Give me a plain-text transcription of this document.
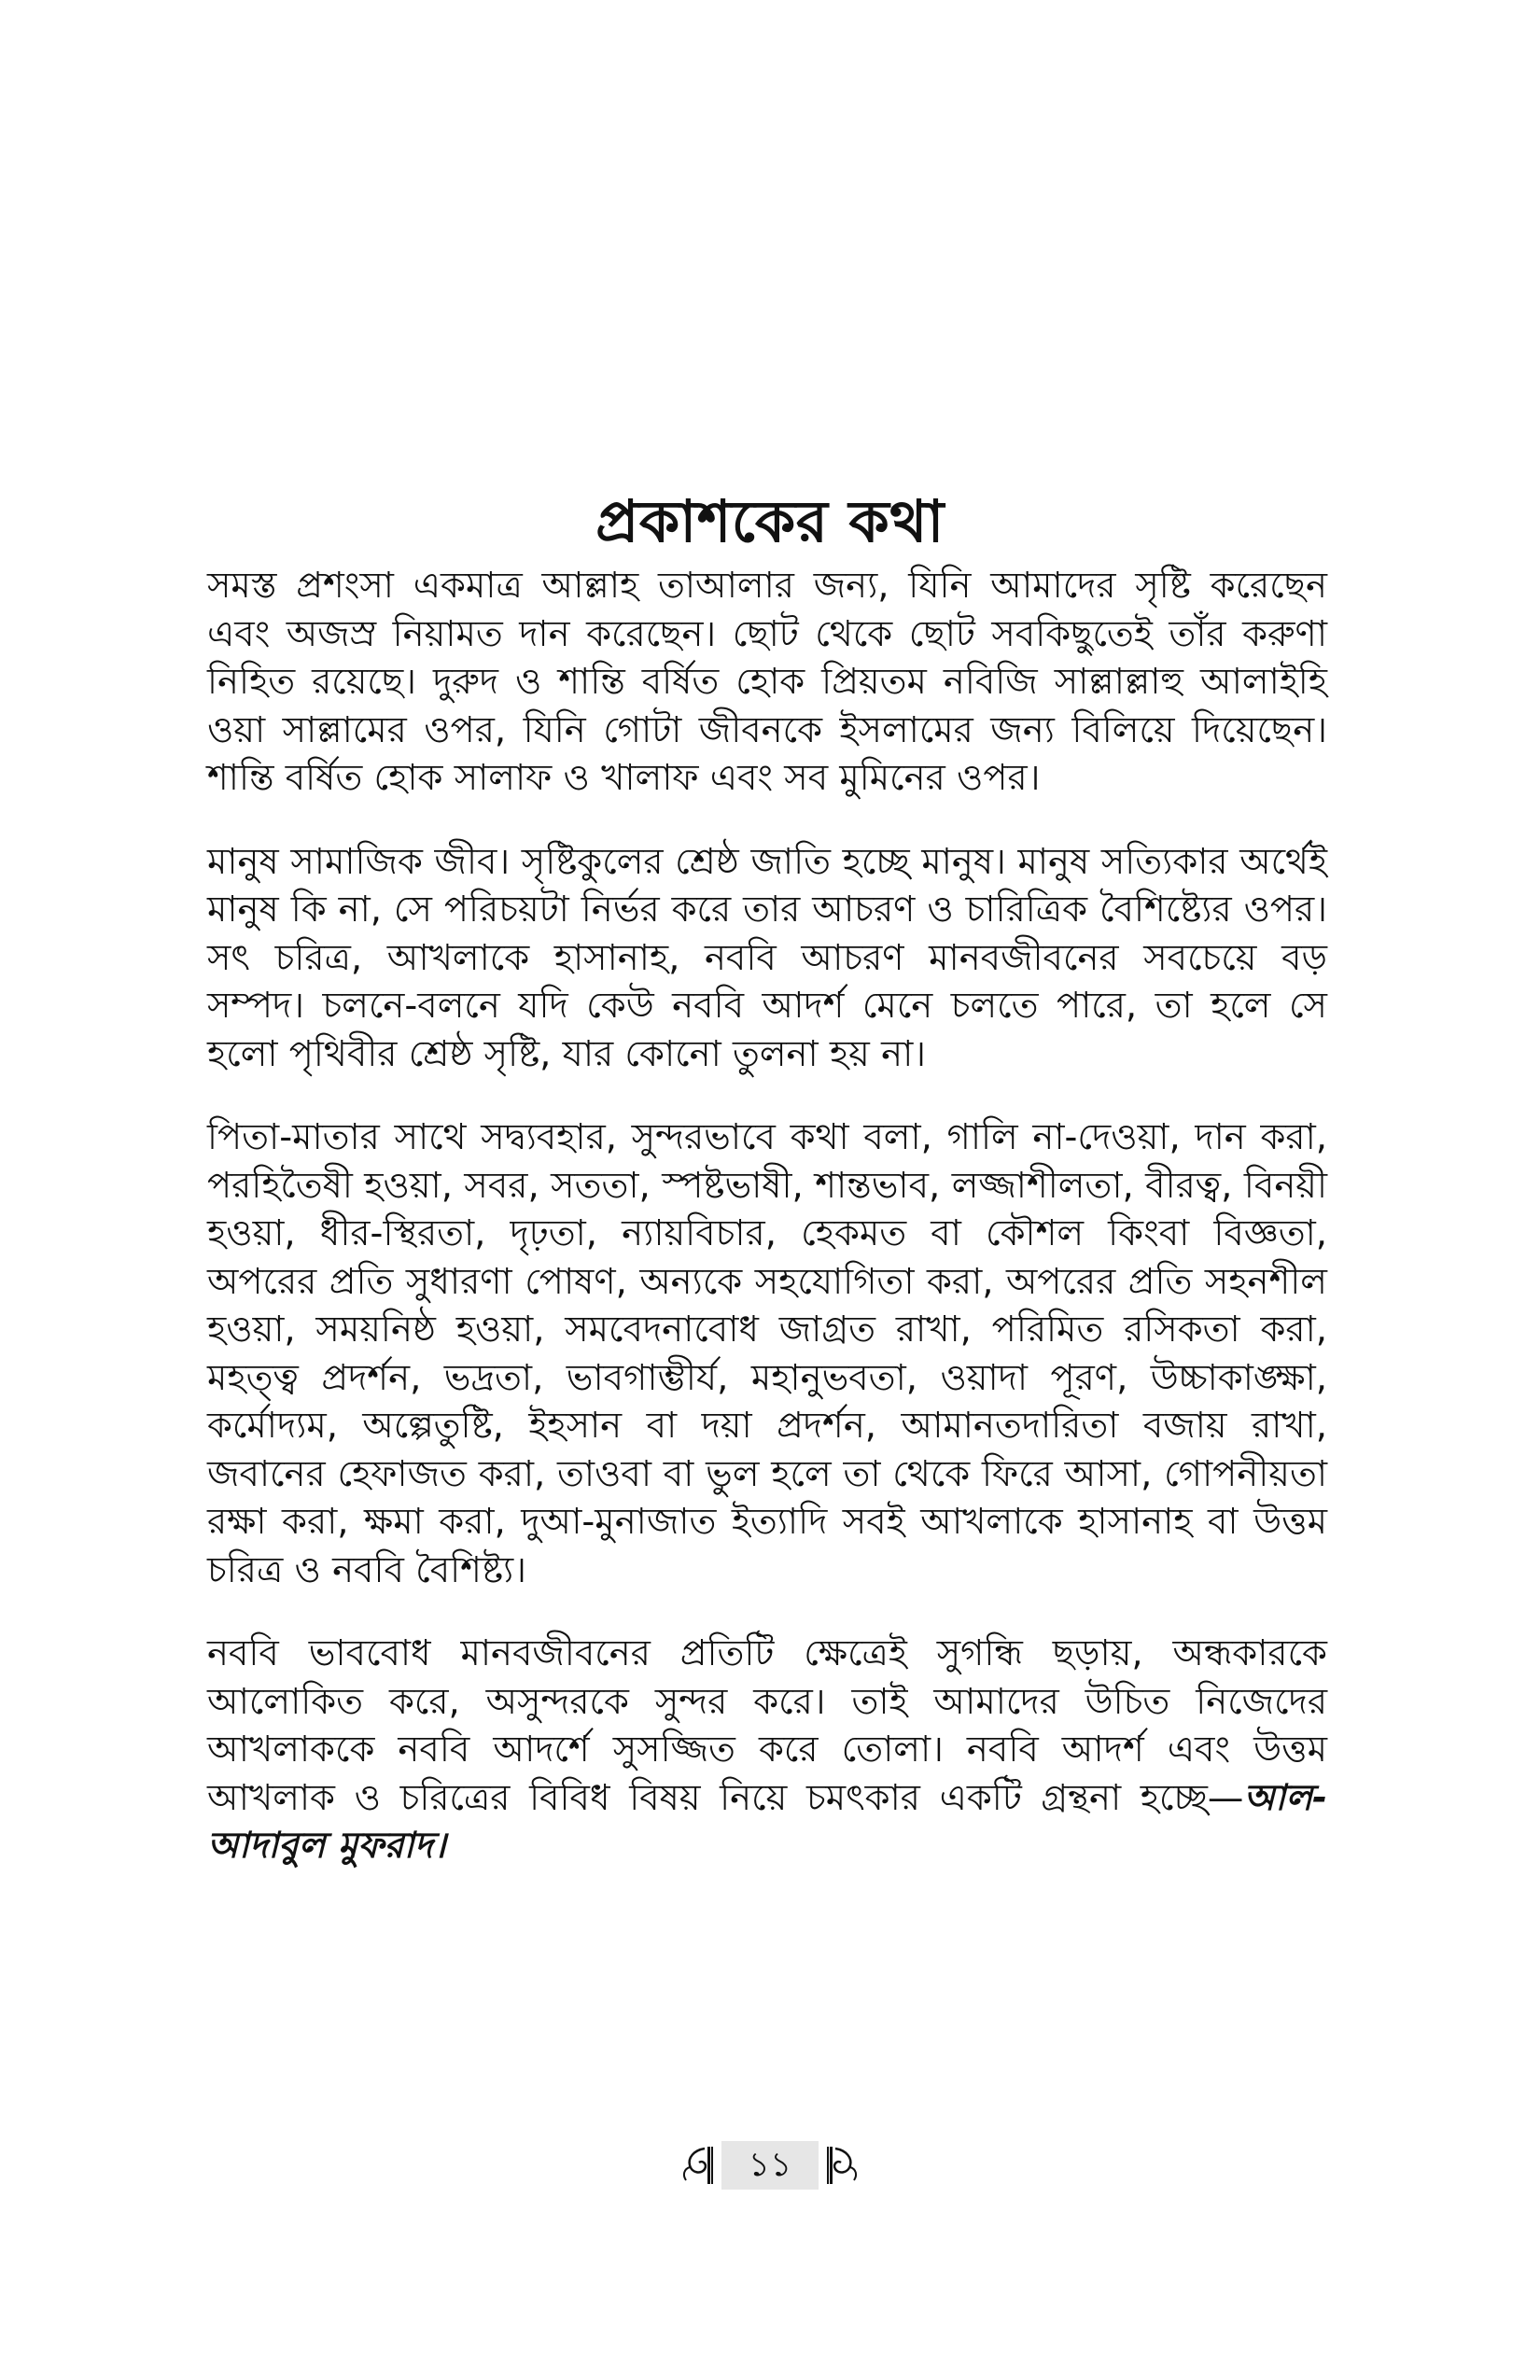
প্রকাশকের কথা

সমস্ত প্রশংসা একমাত্র আল্লাহ তাআলার জন্য, যিনি আমাদের সৃষ্টি করেছেন এবং অজস্র নিয়ামত দান করেছেন। ছোট থেকে ছোট সবকিছুতেই তাঁর করুণা নিহিত রয়েছে। দুরুদ ও শান্তি বর্ষিত হোক প্রিয়তম নবিজি সাল্লাল্লাহু আলাইহি ওয়া সাল্লামের ওপর, যিনি গোটা জীবনকে ইসলামের জন্য বিলিয়ে দিয়েছেন। শান্তি বর্ষিত হোক সালাফ ও খালাফ এবং সব মুমিনের ওপর।

মানুষ সামাজিক জীব। সৃষ্টিকুলের শ্রেষ্ঠ জাতি হচ্ছে মানুষ। মানুষ সত্যিকার অর্থেই মানুষ কি না, সে পরিচয়টা নির্ভর করে তার আচরণ ও চারিত্রিক বৈশিষ্ট্যের ওপর। সৎ চরিত্র, আখলাকে হাসানাহ, নববি আচরণ মানবজীবনের সবচেয়ে বড় সম্পদ। চলনে-বলনে যদি কেউ নববি আদর্শ মেনে চলতে পারে, তা হলে সে হলো পৃথিবীর শ্রেষ্ঠ সৃষ্টি, যার কোনো তুলনা হয় না।

পিতা-মাতার সাথে সদ্ব্যবহার, সুন্দরভাবে কথা বলা, গালি না-দেওয়া, দান করা, পরহিতৈষী হওয়া, সবর, সততা, স্পষ্টভাষী, শান্তভাব, লজ্জাশীলতা, বীরত্ব, বিনয়ী হওয়া, ধীর-স্থিরতা, দৃঢ়তা, ন্যায়বিচার, হেকমত বা কৌশল কিংবা বিজ্ঞতা, অপরের প্রতি সুধারণা পোষণ, অন্যকে সহযোগিতা করা, অপরের প্রতি সহনশীল হওয়া, সময়নিষ্ঠ হওয়া, সমবেদনাবোধ জাগ্রত রাখা, পরিমিত রসিকতা করা, মহত্ত্ব প্রদর্শন, ভদ্রতা, ভাবগাম্ভীর্য, মহানুভবতা, ওয়াদা পূরণ, উচ্চাকাঙ্ক্ষা, কর্মোদ্যম, অল্পেতুষ্টি, ইহসান বা দয়া প্রদর্শন, আমানতদারিতা বজায় রাখা, জবানের হেফাজত করা, তাওবা বা ভুল হলে তা থেকে ফিরে আসা, গোপনীয়তা রক্ষা করা, ক্ষমা করা, দুআ-মুনাজাত ইত্যাদি সবই আখলাকে হাসানাহ বা উত্তম চরিত্র ও নববি বৈশিষ্ট্য।

নববি ভাববোধ মানবজীবনের প্রতিটি ক্ষেত্রেই সুগন্ধি ছড়ায়, অন্ধকারকে আলোকিত করে, অসুন্দরকে সুন্দর করে। তাই আমাদের উচিত নিজেদের আখলাককে নববি আদর্শে সুসজ্জিত করে তোলা। নববি আদর্শ এবং উত্তম আখলাক ও চরিত্রের বিবিধ বিষয় নিয়ে চমৎকার একটি গ্রন্থনা হচ্ছে—আল-আদাবুল মুফরাদ।

১১
